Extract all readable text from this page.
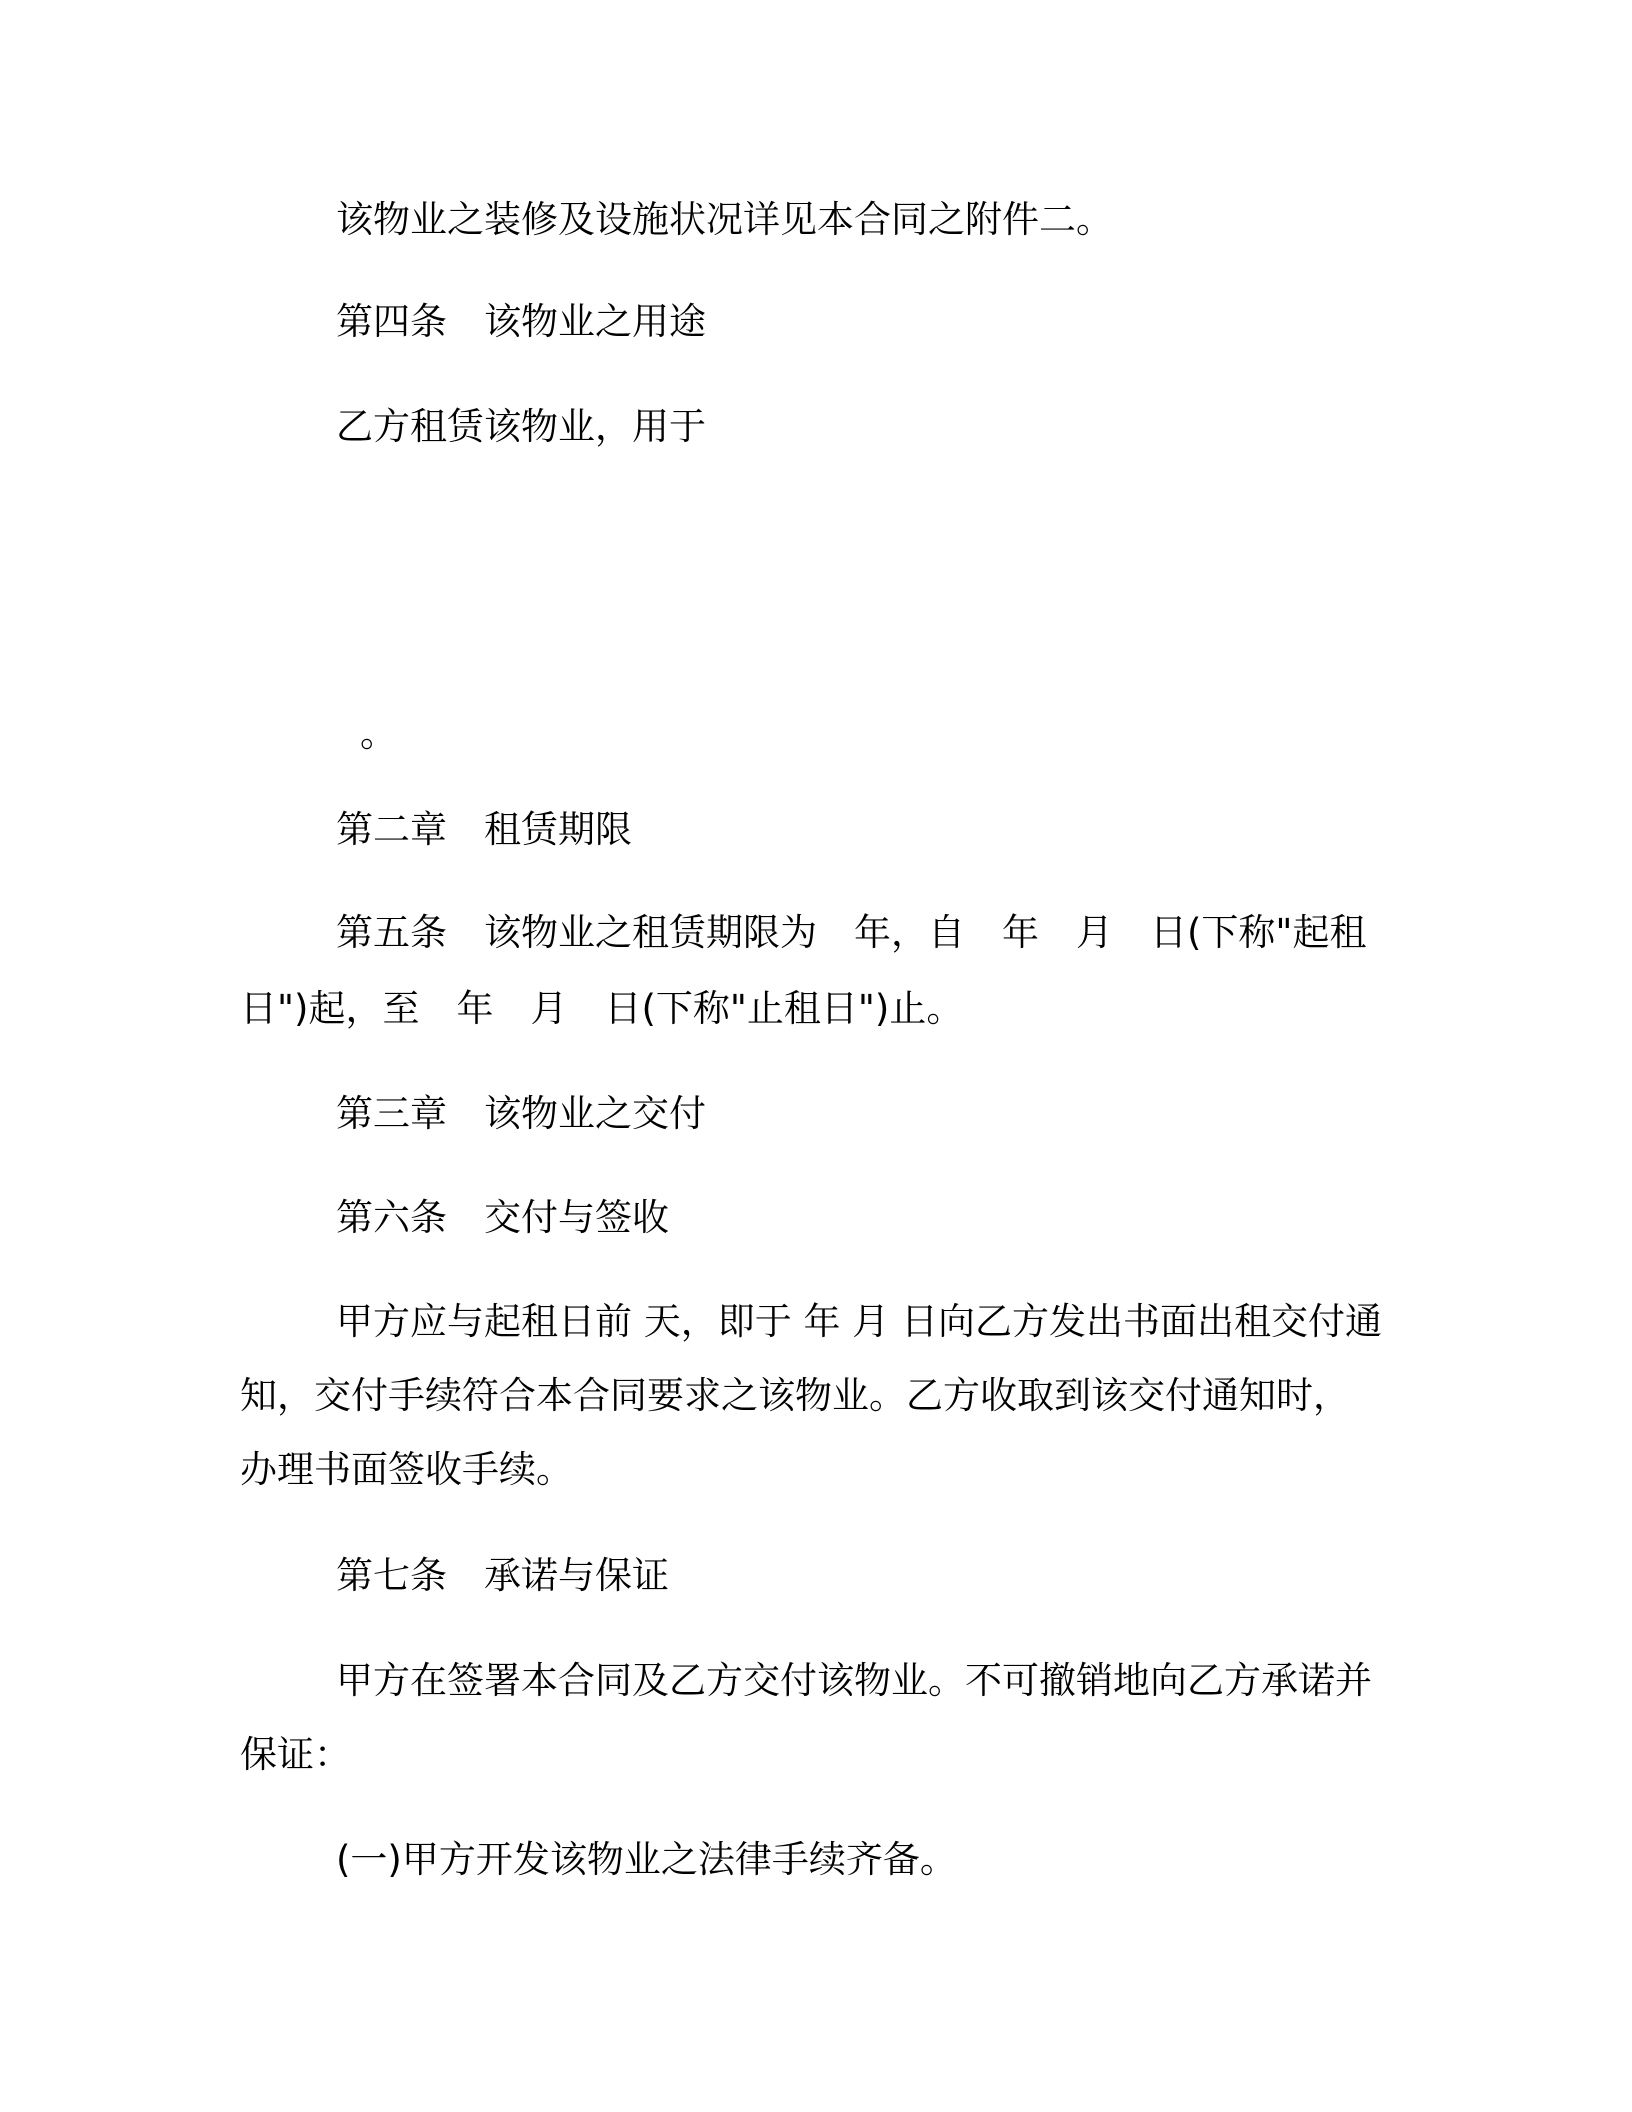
该物业之装修及设施状况详见本合同之附件二。
第四条　该物业之用途
乙方租赁该物业，用于
。
第二章　租赁期限
第五条　该物业之租赁期限为　年，自　年　月　日(下称"起租
日")起，至　年　月　日(下称"止租日")止。
第三章　该物业之交付
第六条　交付与签收
甲方应与起租日前 天，即于 年 月 日向乙方发出书面出租交付通
知，交付手续符合本合同要求之该物业。乙方收取到该交付通知时，
办理书面签收手续。
第七条　承诺与保证
甲方在签署本合同及乙方交付该物业。不可撤销地向乙方承诺并
保证：
(一)甲方开发该物业之法律手续齐备。
